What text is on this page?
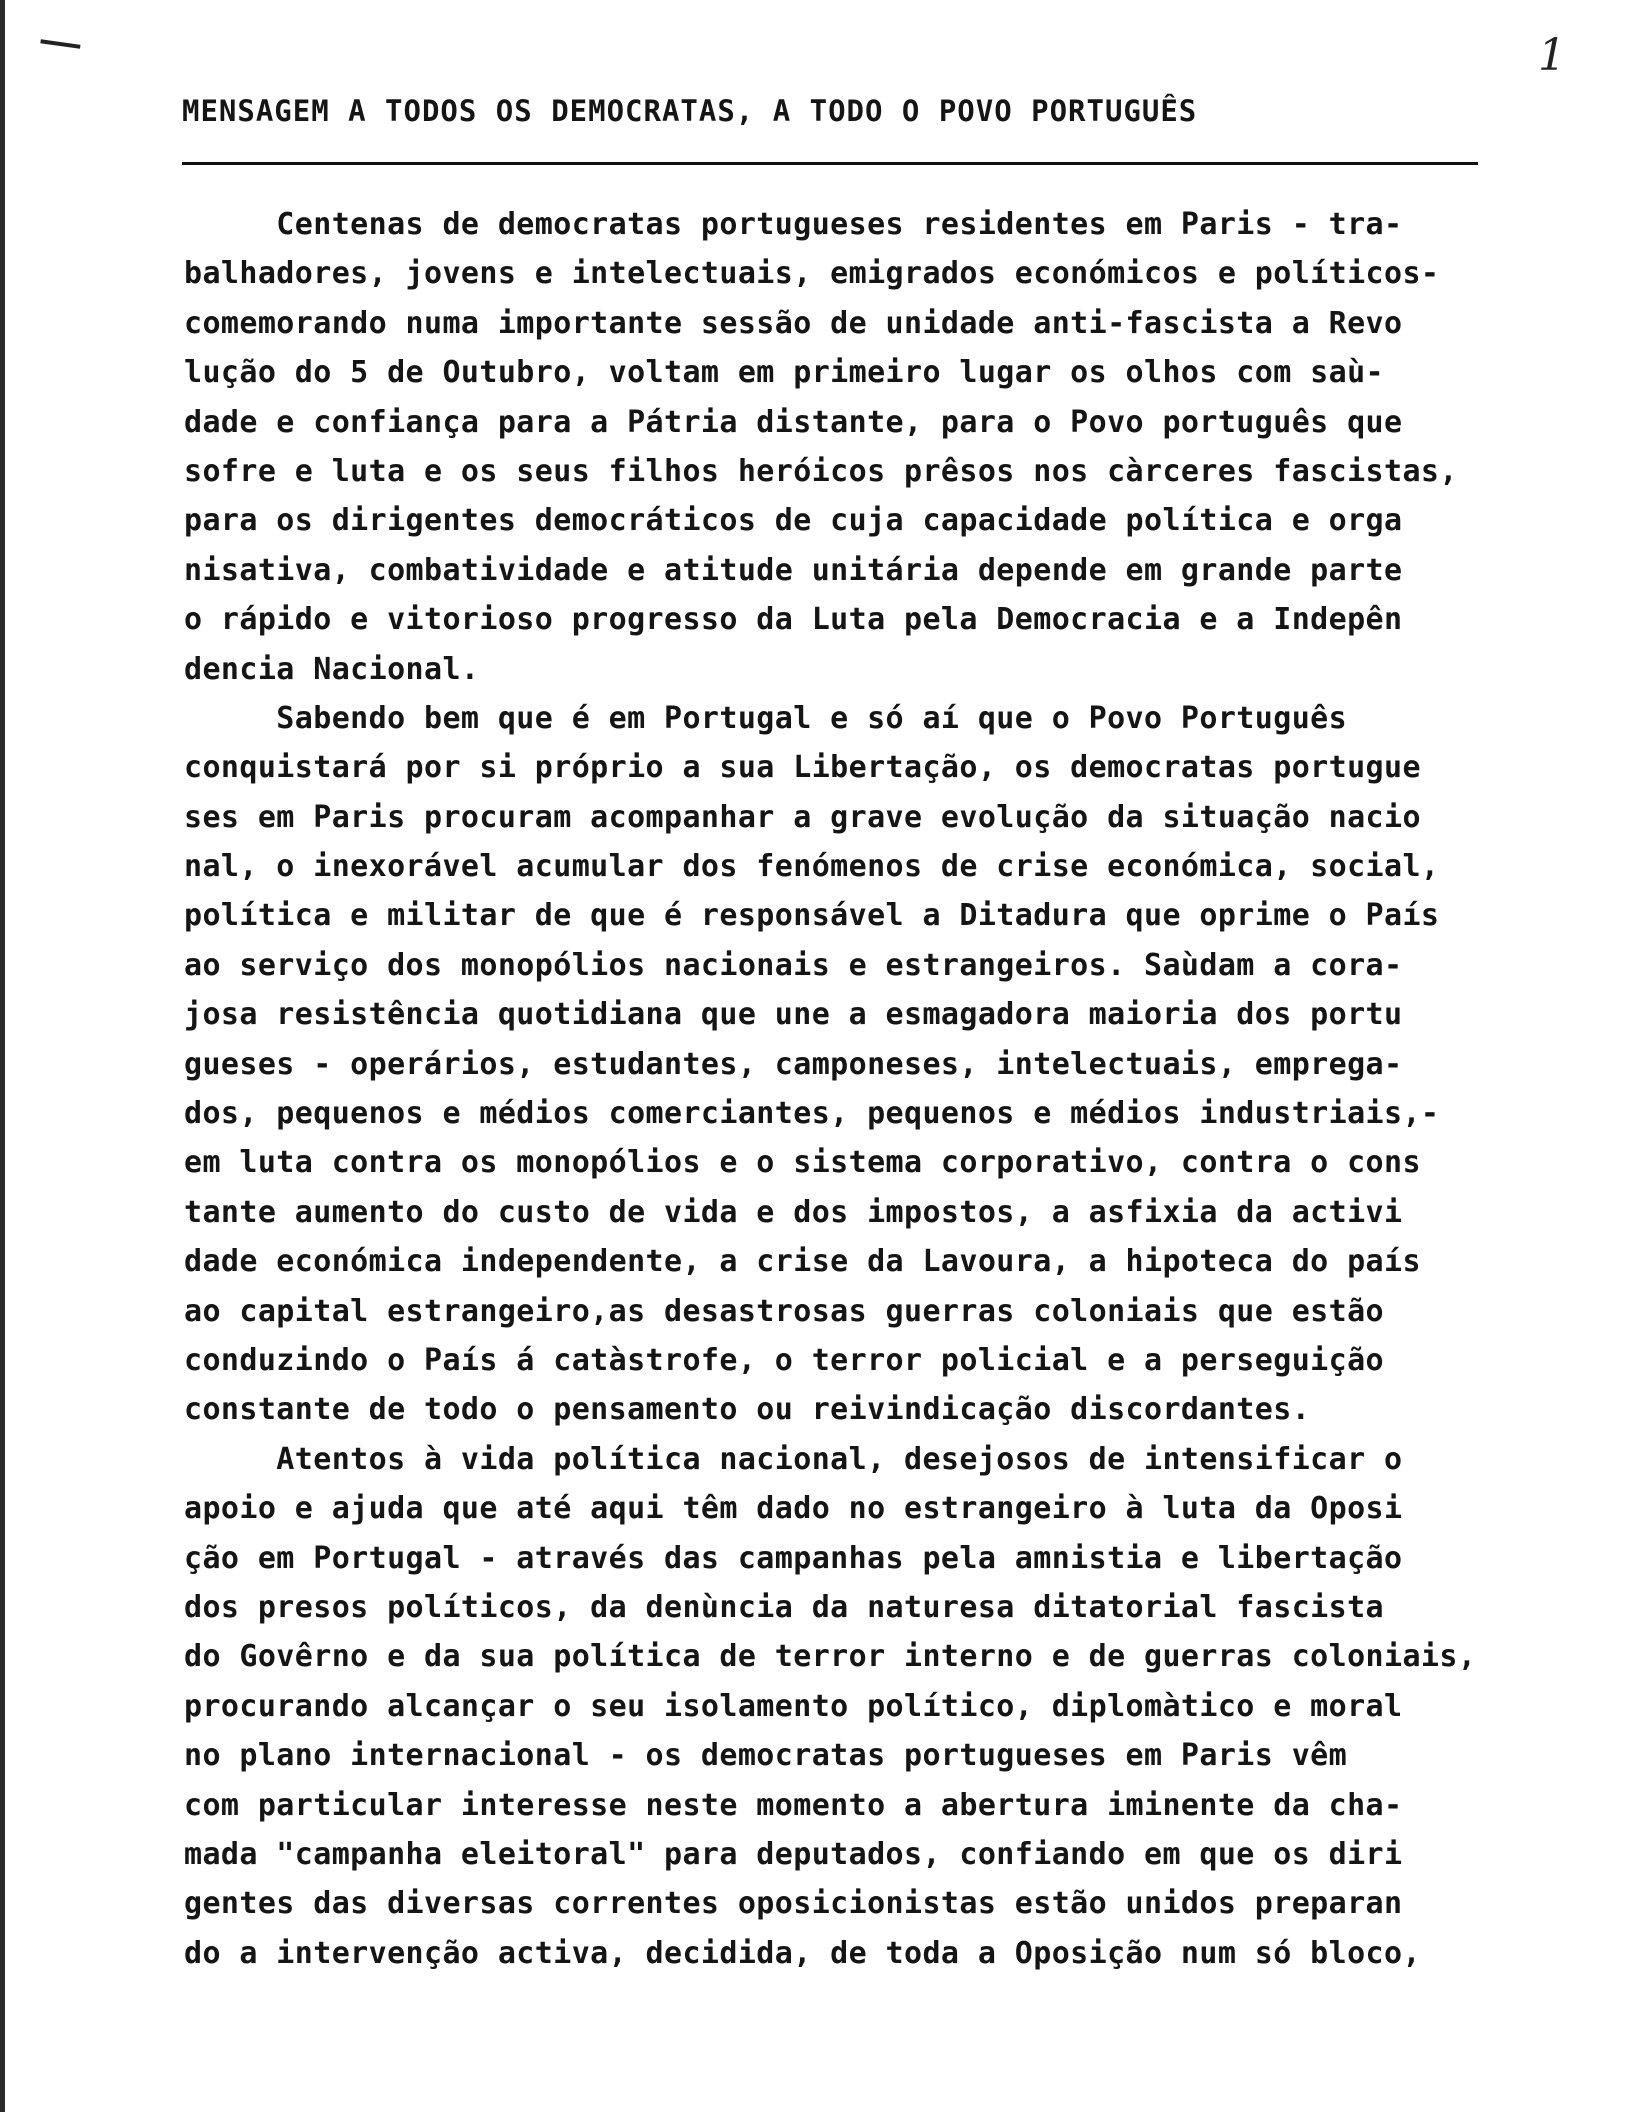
1
MENSAGEM A TODOS OS DEMOCRATAS, A TODO O POVO PORTUGUÊS
Centenas de democratas portugueses residentes em Paris - tra-
balhadores, jovens e intelectuais, emigrados económicos e políticos-
comemorando numa importante sessão de unidade anti-fascista a Revo
lução do 5 de Outubro, voltam em primeiro lugar os olhos com saù-
dade e confiança para a Pátria distante, para o Povo português que
sofre e luta e os seus filhos heróicos prêsos nos càrceres fascistas,
para os dirigentes democráticos de cuja capacidade política e orga
nisativa, combatividade e atitude unitária depende em grande parte
o rápido e vitorioso progresso da Luta pela Democracia e a Indepên
dencia Nacional.
Sabendo bem que é em Portugal e só aí que o Povo Português
conquistará por si próprio a sua Libertação, os democratas portugue
ses em Paris procuram acompanhar a grave evolução da situação nacio
nal, o inexorável acumular dos fenómenos de crise económica, social,
política e militar de que é responsável a Ditadura que oprime o País
ao serviço dos monopólios nacionais e estrangeiros. Saùdam a cora-
josa resistência quotidiana que une a esmagadora maioria dos portu
gueses - operários, estudantes, camponeses, intelectuais, emprega-
dos, pequenos e médios comerciantes, pequenos e médios industriais,-
em luta contra os monopólios e o sistema corporativo, contra o cons
tante aumento do custo de vida e dos impostos, a asfixia da activi
dade económica independente, a crise da Lavoura, a hipoteca do país
ao capital estrangeiro,as desastrosas guerras coloniais que estão
conduzindo o País á catàstrofe, o terror policial e a perseguição
constante de todo o pensamento ou reivindicação discordantes.
Atentos à vida política nacional, desejosos de intensificar o
apoio e ajuda que até aqui têm dado no estrangeiro à luta da Oposi
ção em Portugal - através das campanhas pela amnistia e libertação
dos presos políticos, da denùncia da naturesa ditatorial fascista
do Govêrno e da sua política de terror interno e de guerras coloniais,
procurando alcançar o seu isolamento político, diplomàtico e moral
no plano internacional - os democratas portugueses em Paris vêm
com particular interesse neste momento a abertura iminente da cha-
mada "campanha eleitoral" para deputados, confiando em que os diri
gentes das diversas correntes oposicionistas estão unidos preparan
do a intervenção activa, decidida, de toda a Oposição num só bloco,
